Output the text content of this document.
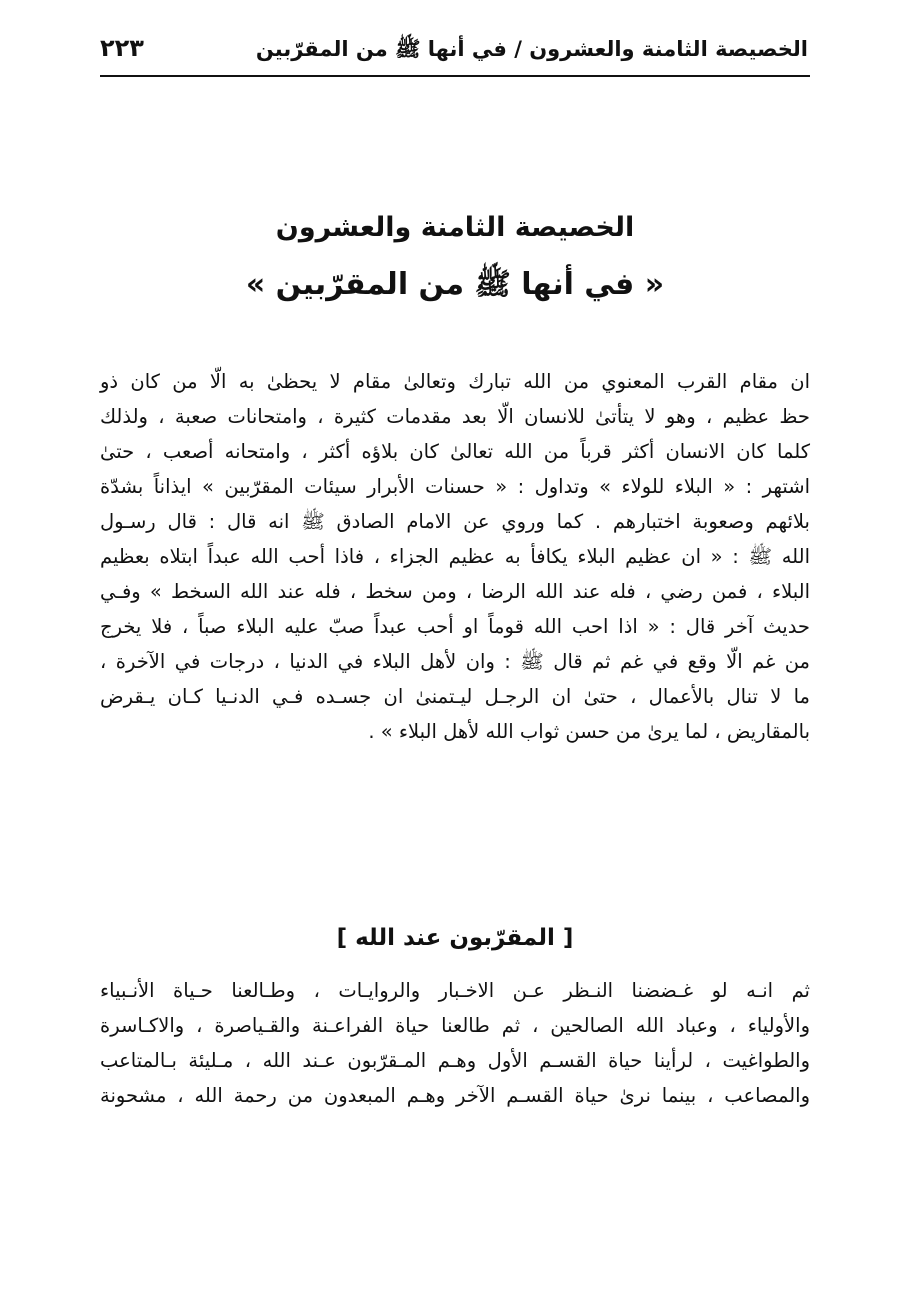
الخصيصة الثامنة والعشرون / في أنها ﷺ من المقرّبين
٢٢٣
الخصيصة الثامنة والعشرون
« في أنها ﷺ من المقرّبين »
ان مقام القرب المعنوي من الله تبارك وتعالىٰ مقام لا يحظىٰ به الّا من كان ذو
حظ عظيم ، وهو لا يتأتىٰ للانسان الّا بعد مقدمات كثيرة ، وامتحانات صعبة ، ولذلك
كلما كان الانسان أكثر قرباً من الله تعالىٰ كان بلاؤه أكثر ، وامتحانه أصعب ، حتىٰ
اشتهر : « البلاء للولاء » وتداول : « حسنات الأبرار سيئات المقرّبين » ايذاناً بشدّة
بلائهم وصعوبة اختبارهم . كما وروي عن الامام الصادق ﷺ انه قال : قال رسـول
الله ﷺ : « ان عظيم البلاء يكافأ به عظيم الجزاء ، فاذا أحب الله عبداً ابتلاه بعظيم
البلاء ، فمن رضي ، فله عند الله الرضا ، ومن سخط ، فله عند الله السخط » وفـي
حديث آخر قال : « اذا احب الله قوماً او أحب عبداً صبّ عليه البلاء صباً ، فلا يخرج
من غم الّا وقع في غم ثم قال ﷺ : وان لأهل البلاء في الدنيا ، درجات في الآخرة ،
ما لا تنال بالأعمال ، حتىٰ ان الرجـل ليـتمنىٰ ان جسـده فـي الدنـيا كـان يـقرض
بالمقاريض ، لما يرىٰ من حسن ثواب الله لأهل البلاء » .
[ المقرّبون عند الله ]
ثم انـه لو غـضضنا النـظر عـن الاخـبار والروايـات ، وطـالعنا حـياة الأنـبياء
والأولياء ، وعباد الله الصالحين ، ثم طالعنا حياة الفراعـنة والقـياصرة ، والاكـاسرة
والطواغيت ، لرأينا حياة القسـم الأول وهـم المـقرّبون عـند الله ، مـليئة بـالمتاعب
والمصاعب ، بينما نرىٰ حياة القسـم الآخر وهـم المبعدون من رحمة الله ، مشحونة
